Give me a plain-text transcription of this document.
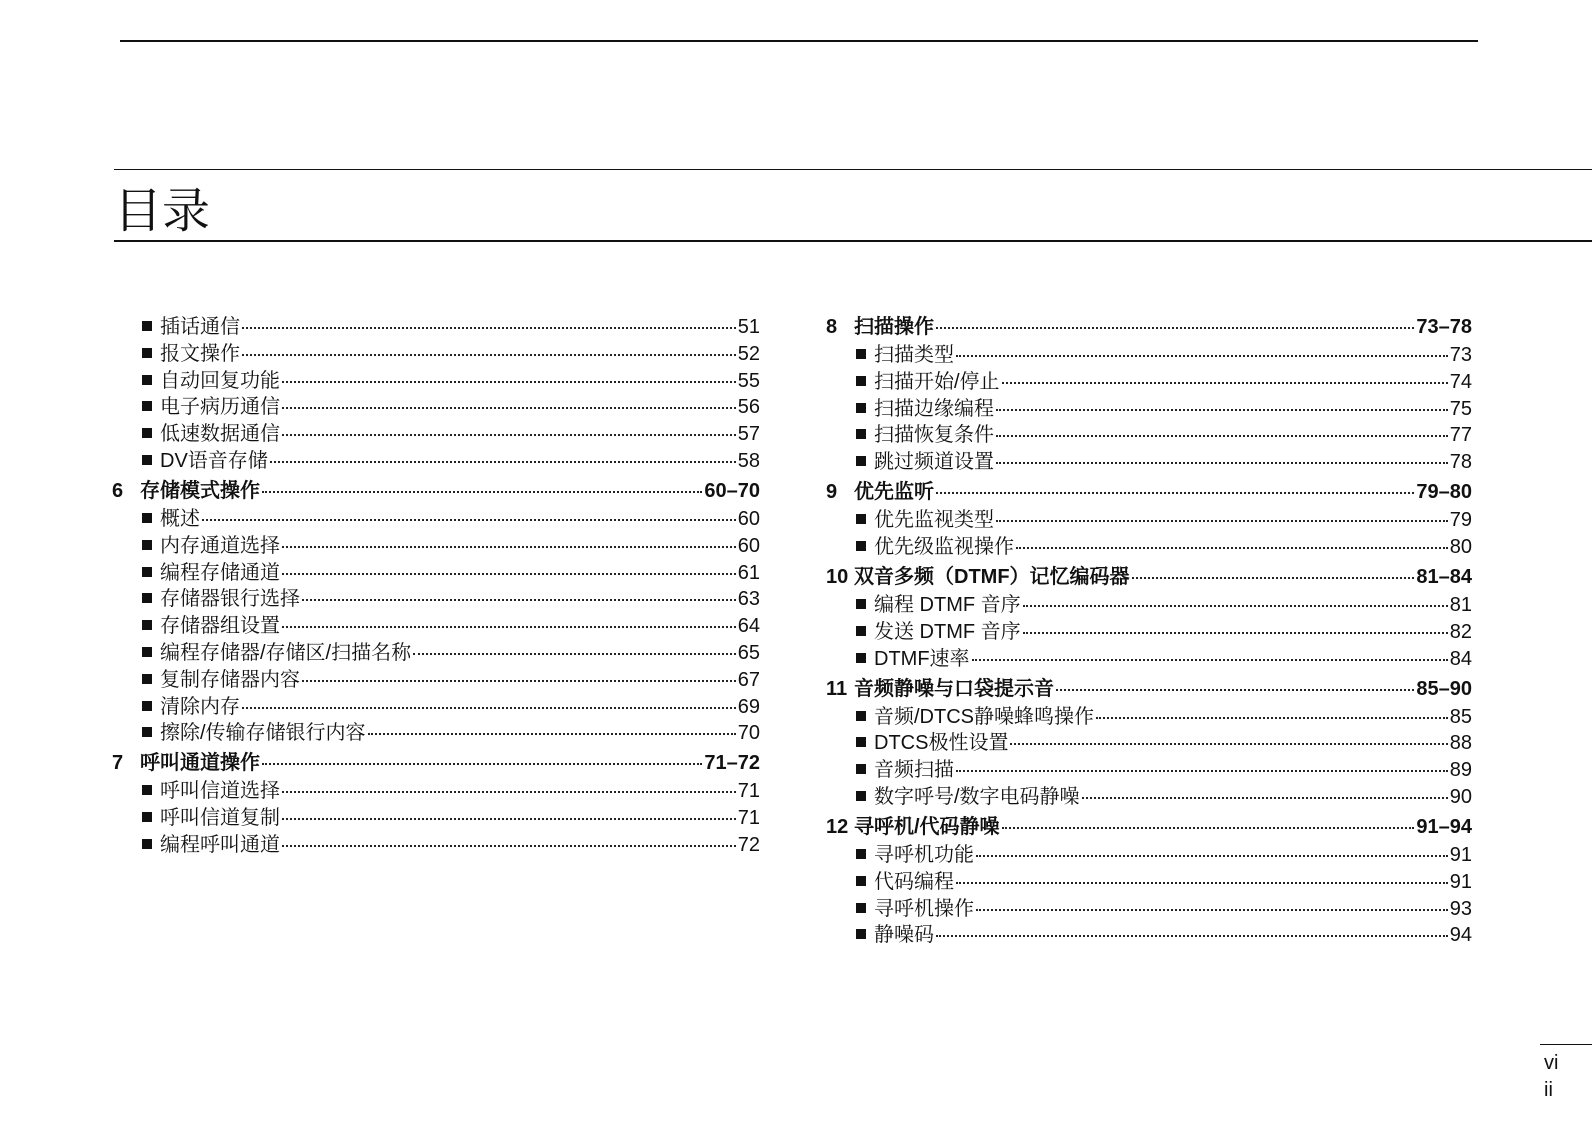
目录
插话通信	51
报文操作	52
自动回复功能	55
电子病历通信	56
低速数据通信	57
DV语音存储	58
6 存储模式操作	60–70
概述	60
内存通道选择	60
编程存储通道	61
存储器银行选择	63
存储器组设置	64
编程存储器/存储区/扫描名称	65
复制存储器内容	67
清除内存	69
擦除/传输存储银行内容	70
7 呼叫通道操作	71–72
呼叫信道选择	71
呼叫信道复制	71
编程呼叫通道	72
8 扫描操作	73–78
扫描类型	73
扫描开始/停止	74
扫描边缘编程	75
扫描恢复条件	77
跳过频道设置	78
9 优先监听	79–80
优先监视类型	79
优先级监视操作	80
10 双音多频（DTMF）记忆编码器	81–84
编程 DTMF 音序	81
发送 DTMF 音序	82
DTMF速率	84
11 音频静噪与口袋提示音	85–90
音频/DTCS静噪蜂鸣操作	85
DTCS极性设置	88
音频扫描	89
数字呼号/数字电码静噪	90
12 寻呼机/代码静噪	91–94
寻呼机功能	91
代码编程	91
寻呼机操作	93
静噪码	94
vi
ii
